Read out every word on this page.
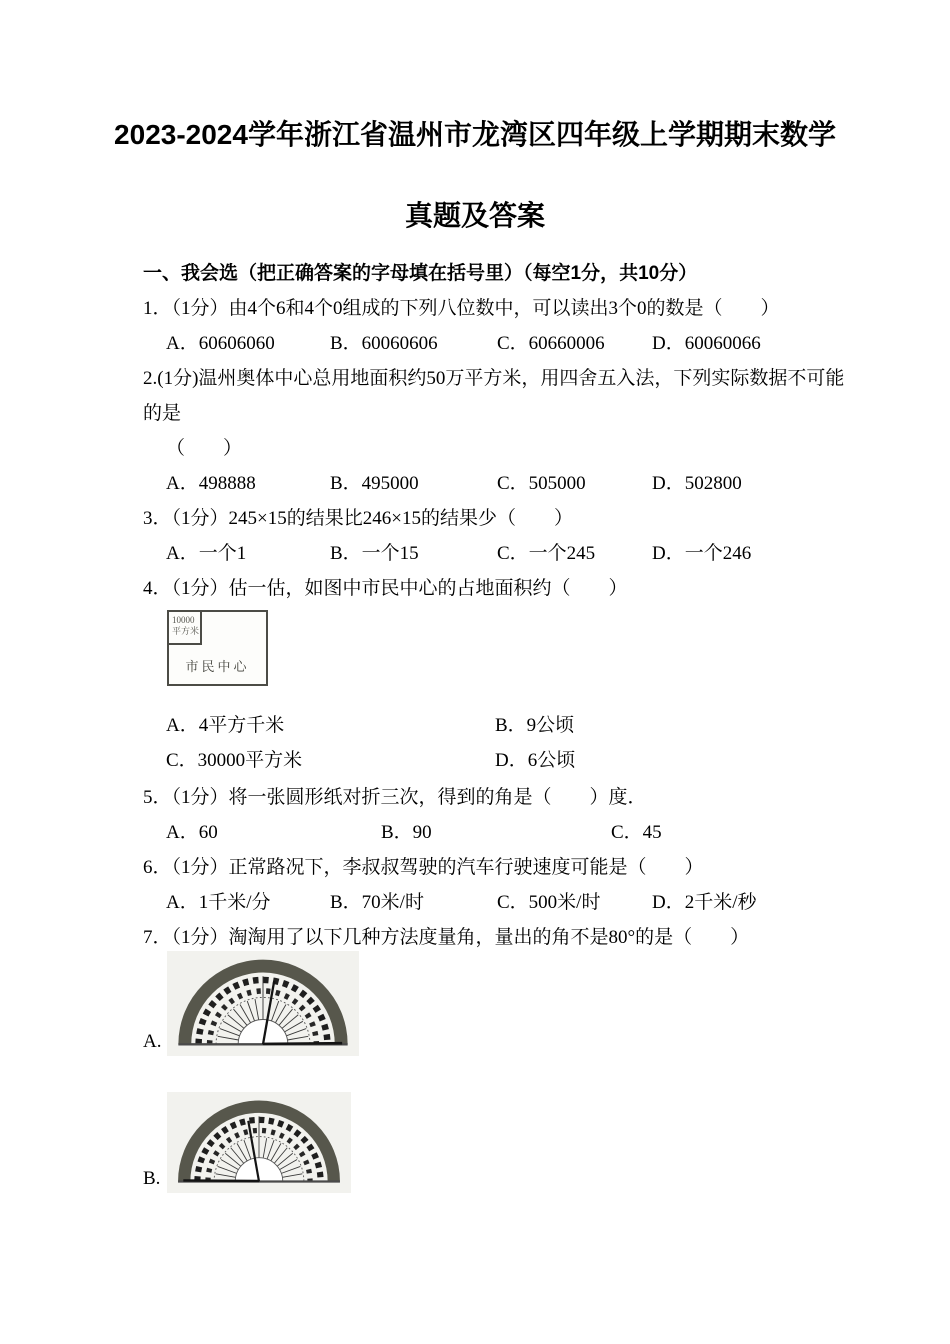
2023-2024学年浙江省温州市龙湾区四年级上学期期末数学
真题及答案
一、我会选（把正确答案的字母填在括号里）（每空1分，共10分）
1．（1分）由4个6和4个0组成的下列八位数中，可以读出3个0的数是（　　）
A．60606060	B．60060606	C．60660006 D．60060066
2.(1分)温州奥体中心总用地面积约50万平方米，用四舍五入法，下列实际数据不可能的是
（　　）
A．498888	B．495000	C．505000	D．502800
3．（1分）245×15的结果比246×15的结果少（　　）
A．一个1	B．一个15	C．一个245	D．一个246
4．（1分）估一估，如图中市民中心的占地面积约（　　）
10000
平方米
市民中心
A．4平方千米	B．9公顷
C．30000平方米	D．6公顷
5．（1分）将一张圆形纸对折三次，得到的角是（　　）度．
A．60	B．90	C．45
6．（1分）正常路况下，李叔叔驾驶的汽车行驶速度可能是（　　）
A．1千米/分	B．70米/时	C．500米/时	D．2千米/秒
7．（1分）淘淘用了以下几种方法度量角，量出的角不是80°的是（　　）
A.
B.
